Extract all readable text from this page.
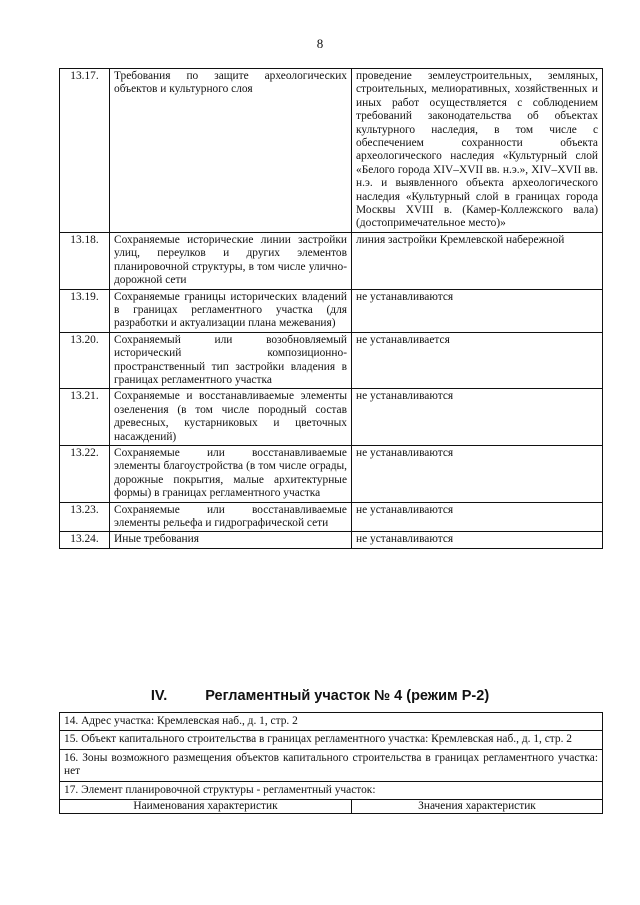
8
13.17.	Требования по защите археологических объектов и культурного слоя	проведение землеустроительных, земляных, строительных, мелиоративных, хозяйственных и иных работ осуществляется с соблюдением требований законодательства об объектах культурного наследия, в том числе с обеспечением сохранности объекта археологического наследия «Культурный слой «Белого города XIV–XVII вв. н.э.», XIV–XVII вв. н.э. и выявленного объекта археологического наследия «Культурный слой в границах города Москвы XVIII в. (Камер-Коллежского вала) (достопримечательное место)»
13.18.	Сохраняемые исторические линии застройки улиц, переулков и других элементов планировочной структуры, в том числе улично-дорожной сети	линия застройки Кремлевской набережной
13.19.	Сохраняемые границы исторических владений в границах регламентного участка (для разработки и актуализации плана межевания)	не устанавливаются
13.20.	Сохраняемый или возобновляемый исторический композиционно-пространственный тип застройки владения в границах регламентного участка	не устанавливается
13.21.	Сохраняемые и восстанавливаемые элементы озеленения (в том числе породный состав древесных, кустарниковых и цветочных насаждений)	не устанавливаются
13.22.	Сохраняемые или восстанавливаемые элементы благоустройства (в том числе ограды, дорожные покрытия, малые архитектурные формы) в границах регламентного участка	не устанавливаются
13.23.	Сохраняемые или восстанавливаемые элементы рельефа и гидрографической сети	не устанавливаются
13.24.	Иные требования	не устанавливаются
IV.	Регламентный участок № 4 (режим Р-2)
14. Адрес участка: Кремлевская наб., д. 1, стр. 2
15. Объект капитального строительства в границах регламентного участка: Кремлевская наб., д. 1, стр. 2
16. Зоны возможного размещения объектов капитального строительства в границах регламентного участка: нет
17. Элемент планировочной структуры - регламентный участок:
Наименования характеристик	Значения характеристик
